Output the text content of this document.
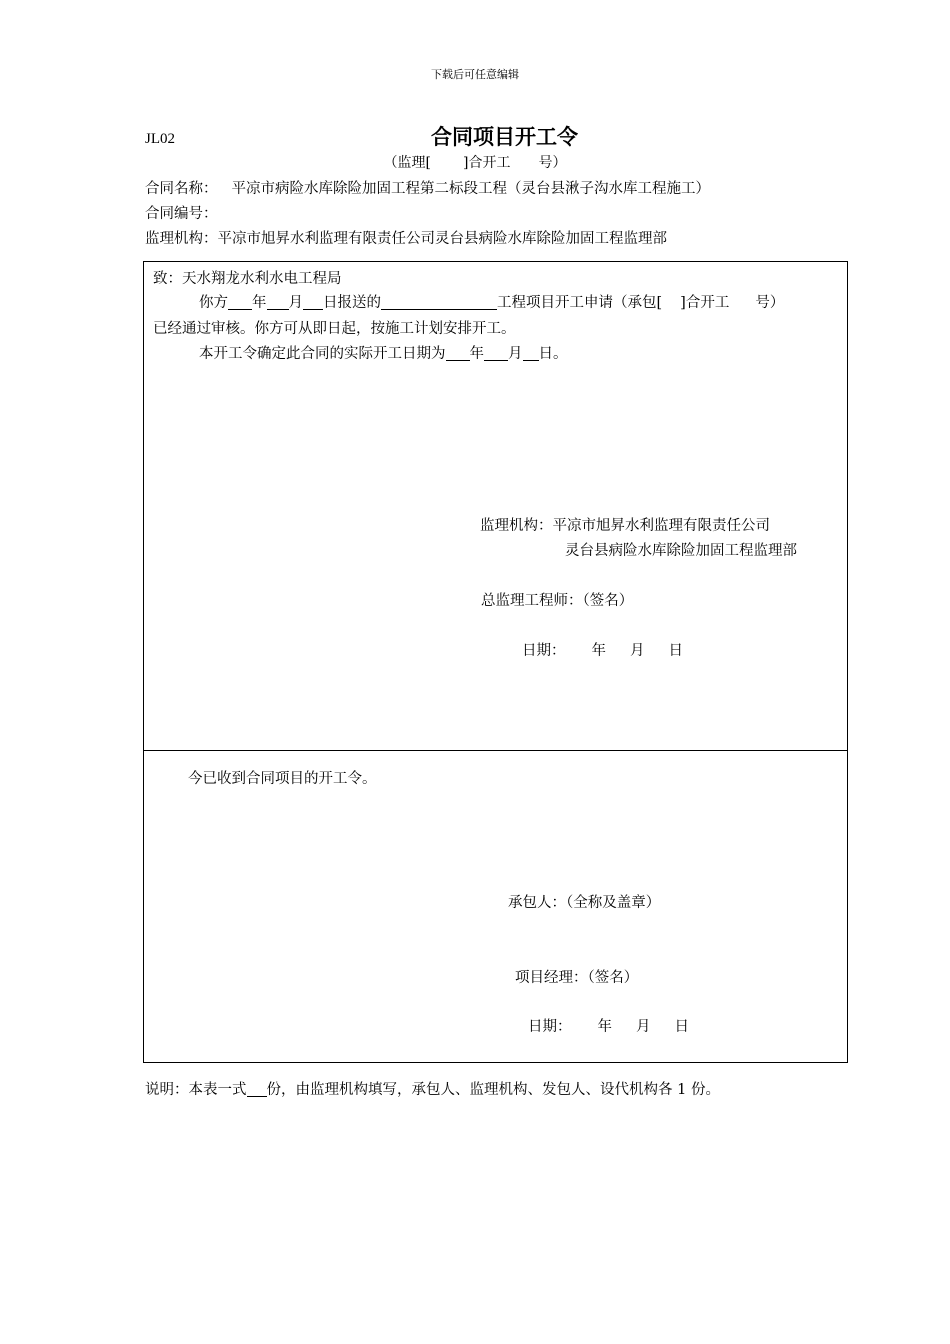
下载后可任意编辑
JL02	合同项目开工令
（监理[ ]合开工 号）
合同名称： 平凉市病险水库除险加固工程第二标段工程（灵台县湫子沟水库工程施工）
合同编号：
监理机构：平凉市旭昇水利监理有限责任公司灵台县病险水库除险加固工程监理部
致：天水翔龙水利水电工程局
你方 年 月 日报送的	工程项目开工申请（承包[ ]合开工 号）
已经通过审核。你方可从即日起，按施工计划安排开工。
本开工令确定此合同的实际开工日期为 年 月 日。
监理机构：平凉市旭昇水利监理有限责任公司
灵台县病险水库除险加固工程监理部
总监理工程师：（签名）
日期： 年 月 日
今已收到合同项目的开工令。
承包人：（全称及盖章）
项目经理：（签名）
日期： 年 月 日
说明：本表一式 份，由监理机构填写，承包人、监理机构、发包人、设代机构各 1 份。
